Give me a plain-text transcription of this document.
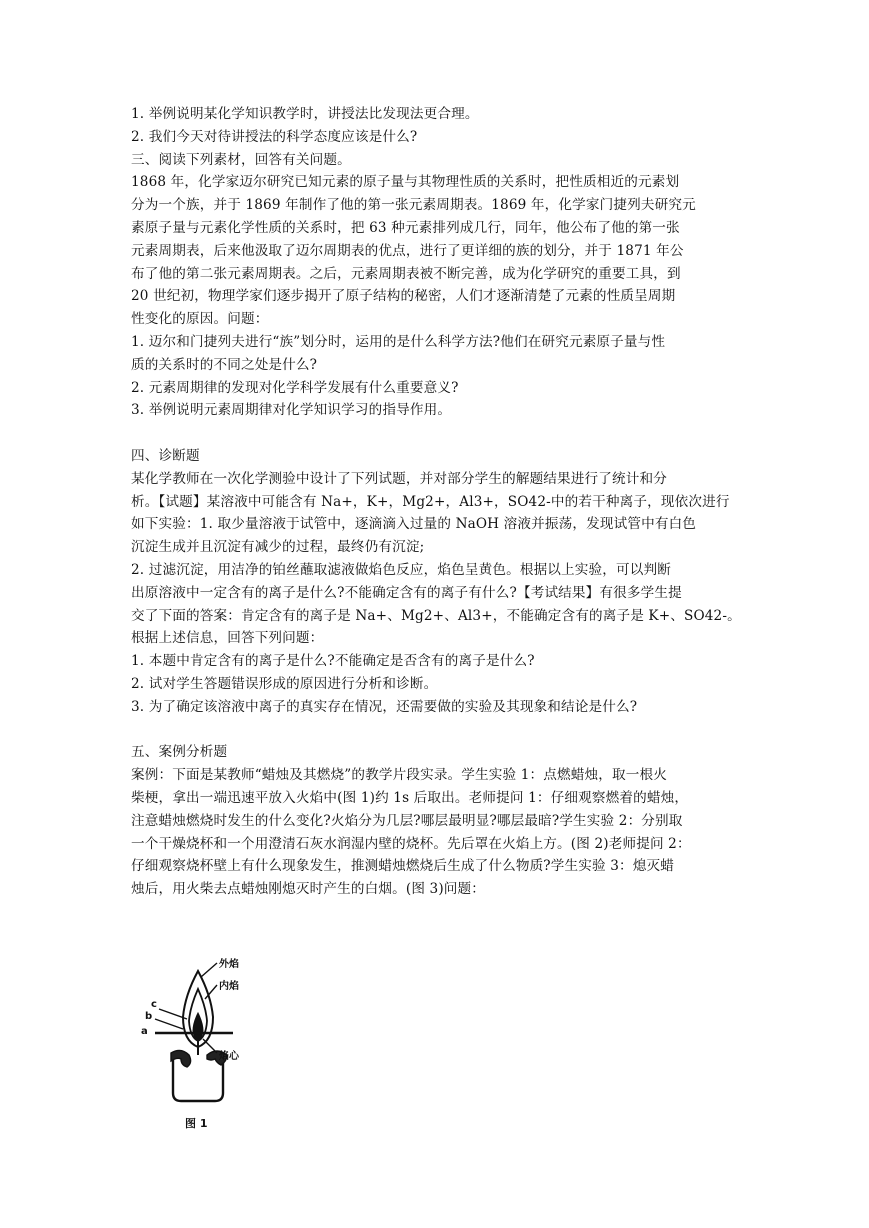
1. 举例说明某化学知识教学时，讲授法比发现法更合理。
2. 我们今天对待讲授法的科学态度应该是什么?
三、阅读下列素材，回答有关问题。
1868 年，化学家迈尔研究已知元素的原子量与其物理性质的关系时，把性质相近的元素划
分为一个族，并于 1869 年制作了他的第一张元素周期表。1869 年，化学家门捷列夫研究元
素原子量与元素化学性质的关系时，把 63 种元素排列成几行，同年，他公布了他的第一张
元素周期表，后来他汲取了迈尔周期表的优点，进行了更详细的族的划分，并于 1871 年公
布了他的第二张元素周期表。之后，元素周期表被不断完善，成为化学研究的重要工具，到
20 世纪初，物理学家们逐步揭开了原子结构的秘密，人们才逐渐清楚了元素的性质呈周期
性变化的原因。问题：
1. 迈尔和门捷列夫进行“族”划分时，运用的是什么科学方法?他们在研究元素原子量与性
质的关系时的不同之处是什么?
2. 元素周期律的发现对化学科学发展有什么重要意义?
3. 举例说明元素周期律对化学知识学习的指导作用。
四、诊断题
某化学教师在一次化学测验中设计了下列试题，并对部分学生的解题结果进行了统计和分
析。【试题】某溶液中可能含有 Na+，K+，Mg2+，Al3+，SO42-中的若干种离子，现依次进行
如下实验：1. 取少量溶液于试管中，逐滴滴入过量的 NaOH 溶液并振荡，发现试管中有白色
沉淀生成并且沉淀有减少的过程，最终仍有沉淀;
2. 过滤沉淀，用洁净的铂丝蘸取滤液做焰色反应，焰色呈黄色。根据以上实验，可以判断
出原溶液中一定含有的离子是什么?不能确定含有的离子有什么?【考试结果】有很多学生提
交了下面的答案：肯定含有的离子是 Na+、Mg2+、Al3+，不能确定含有的离子是 K+、SO42-。
根据上述信息，回答下列问题：
1. 本题中肯定含有的离子是什么?不能确定是否含有的离子是什么?
2. 试对学生答题错误形成的原因进行分析和诊断。
3. 为了确定该溶液中离子的真实存在情况，还需要做的实验及其现象和结论是什么?
五、案例分析题
案例：下面是某教师“蜡烛及其燃烧”的教学片段实录。学生实验 1：点燃蜡烛，取一根火
柴梗，拿出一端迅速平放入火焰中(图 1)约 1s 后取出。老师提问 1：仔细观察燃着的蜡烛，
注意蜡烛燃烧时发生的什么变化?火焰分为几层?哪层最明显?哪层最暗?学生实验 2：分别取
一个干燥烧杯和一个用澄清石灰水润湿内壁的烧杯。先后罩在火焰上方。(图 2)老师提问 2：
仔细观察烧杯壁上有什么现象发生，推测蜡烛燃烧后生成了什么物质?学生实验 3：熄灭蜡
烛后，用火柴去点蜡烛刚熄灭时产生的白烟。(图 3)问题：
外焰
内焰
焰心
c
b
a
图 1
